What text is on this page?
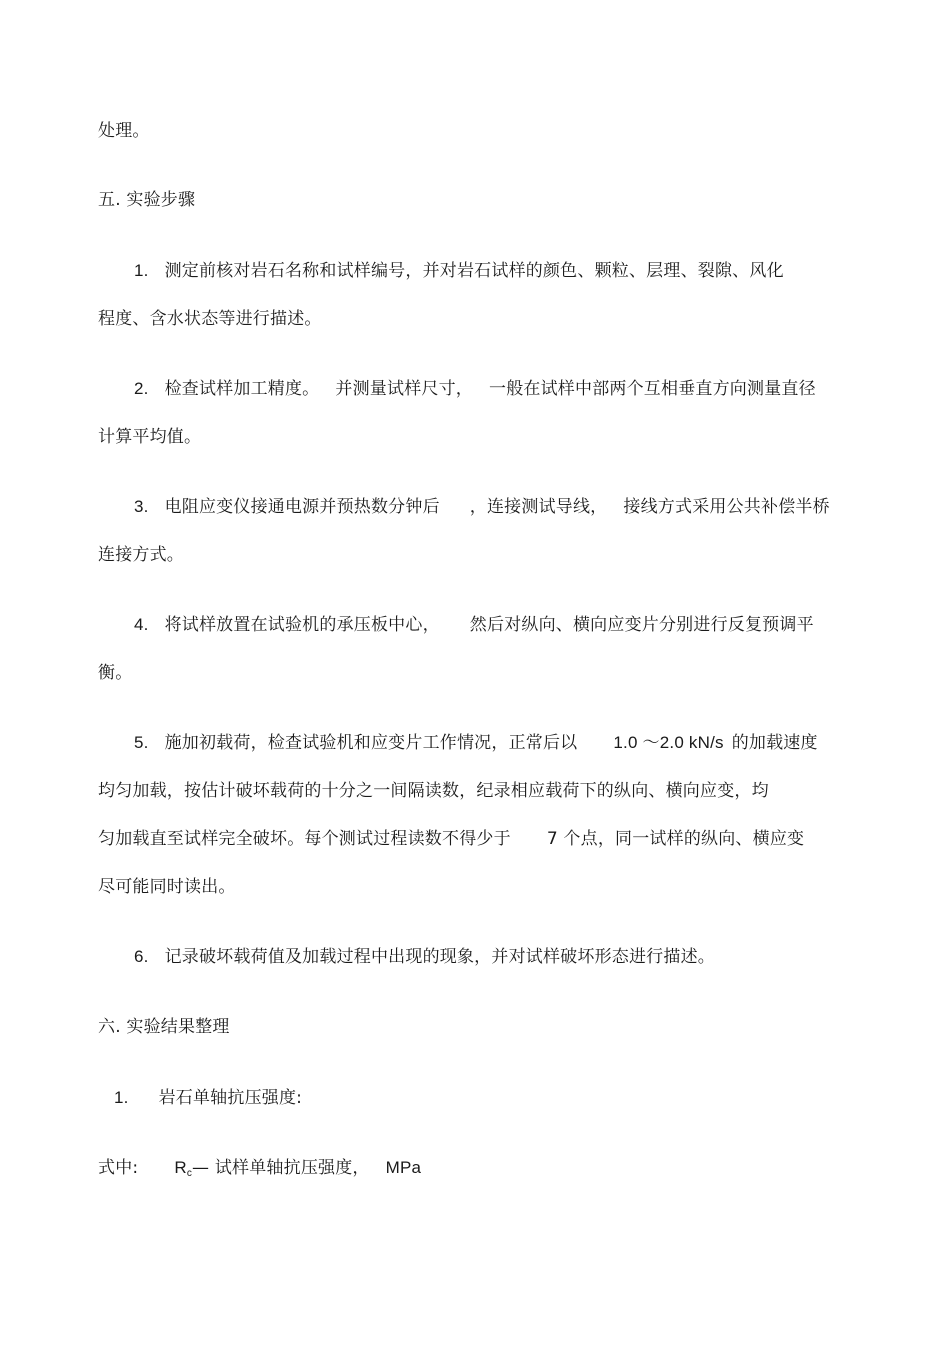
处理。
五. 实验步骤
1. 测定前核对岩石名称和试样编号，并对岩石试样的颜色、颗粒、层理、裂隙、风化
程度、含水状态等进行描述。
2. 检查试样加工精度。 并测量试样尺寸， 一般在试样中部两个互相垂直方向测量直径
计算平均值。
3. 电阻应变仪接通电源并预热数分钟后 ，连接测试导线， 接线方式采用公共补偿半桥
连接方式。
4. 将试样放置在试验机的承压板中心， 然后对纵向、横向应变片分别进行反复预调平
衡。
5. 施加初载荷，检查试验机和应变片工作情况，正常后以 1.0 ～2.0 kN/s 的加载速度
均匀加载，按估计破坏载荷的十分之一间隔读数，纪录相应载荷下的纵向、横向应变，均
匀加载直至试样完全破坏。每个测试过程读数不得少于 7 个点，同一试样的纵向、横应变
尽可能同时读出。
6. 记录破坏载荷值及加载过程中出现的现象，并对试样破坏形态进行描述。
六. 实验结果整理
1. 岩石单轴抗压强度:
式中: $R_c—$ 试样单轴抗压强度， MPa
